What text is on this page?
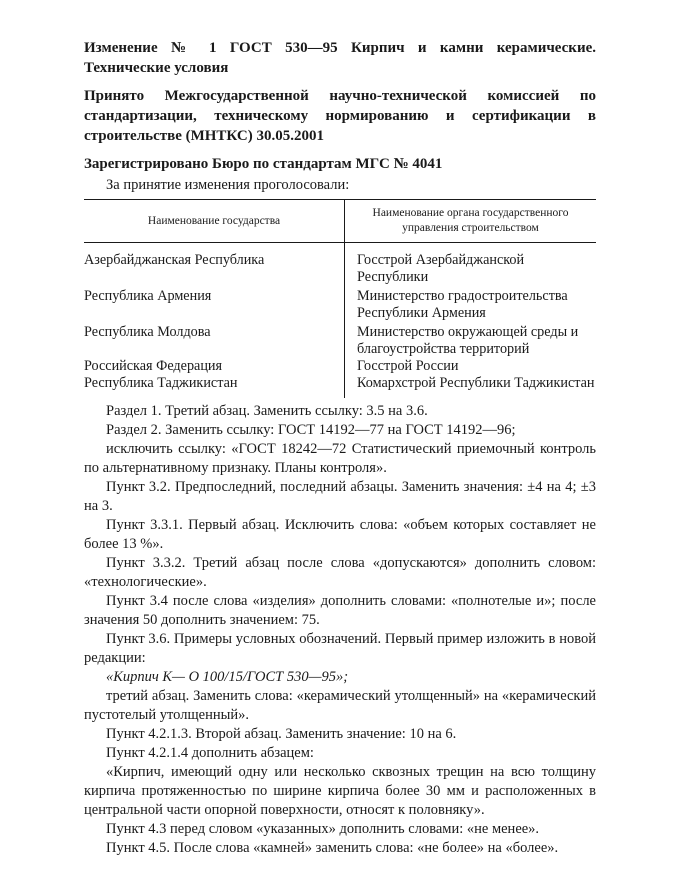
Изменение № 1 ГОСТ 530—95 Кирпич и камни керамические. Технические условия

Принято Межгосударственной научно-технической комиссией по стандартизации, техническому нормированию и сертификации в строительстве (МНТКС) 30.05.2001

Зарегистрировано Бюро по стандартам МГС № 4041

За принятие изменения проголосовали:

Наименование государства	Наименование органа государственного управления строительством
Азербайджанская Республика	Госстрой Азербайджанской Республики
Республика Армения	Министерство градостроительства Республики Армения
Республика Молдова	Министерство окружающей среды и благоустройства территорий
Российская Федерация	Госстрой России
Республика Таджикистан	Комархстрой Республики Таджикистан

Раздел 1. Третий абзац. Заменить ссылку: 3.5 на 3.6.

Раздел 2. Заменить ссылку: ГОСТ 14192—77 на ГОСТ 14192—96;

исключить ссылку: «ГОСТ 18242—72 Статистический приемочный контроль по альтернативному признаку. Планы контроля».

Пункт 3.2. Предпоследний, последний абзацы. Заменить значения: ±4 на 4; ±3 на 3.

Пункт 3.3.1. Первый абзац. Исключить слова: «объем которых составляет не более 13 %».

Пункт 3.3.2. Третий абзац после слова «допускаются» дополнить словом: «технологические».

Пункт 3.4 после слова «изделия» дополнить словами: «полнотелые и»; после значения 50 дополнить значением: 75.

Пункт 3.6. Примеры условных обозначений. Первый пример изложить в новой редакции:

«Кирпич К— О 100/15/ГОСТ 530—95»;

третий абзац. Заменить слова: «керамический утолщенный» на «керамический пустотелый утолщенный».

Пункт 4.2.1.3. Второй абзац. Заменить значение: 10 на 6.

Пункт 4.2.1.4 дополнить абзацем:

«Кирпич, имеющий одну или несколько сквозных трещин на всю толщину кирпича протяженностью по ширине кирпича более 30 мм и расположенных в центральной части опорной поверхности, относят к половняку».

Пункт 4.3 перед словом «указанных» дополнить словами: «не менее».

Пункт 4.5. После слова «камней» заменить слова: «не более» на «более».
